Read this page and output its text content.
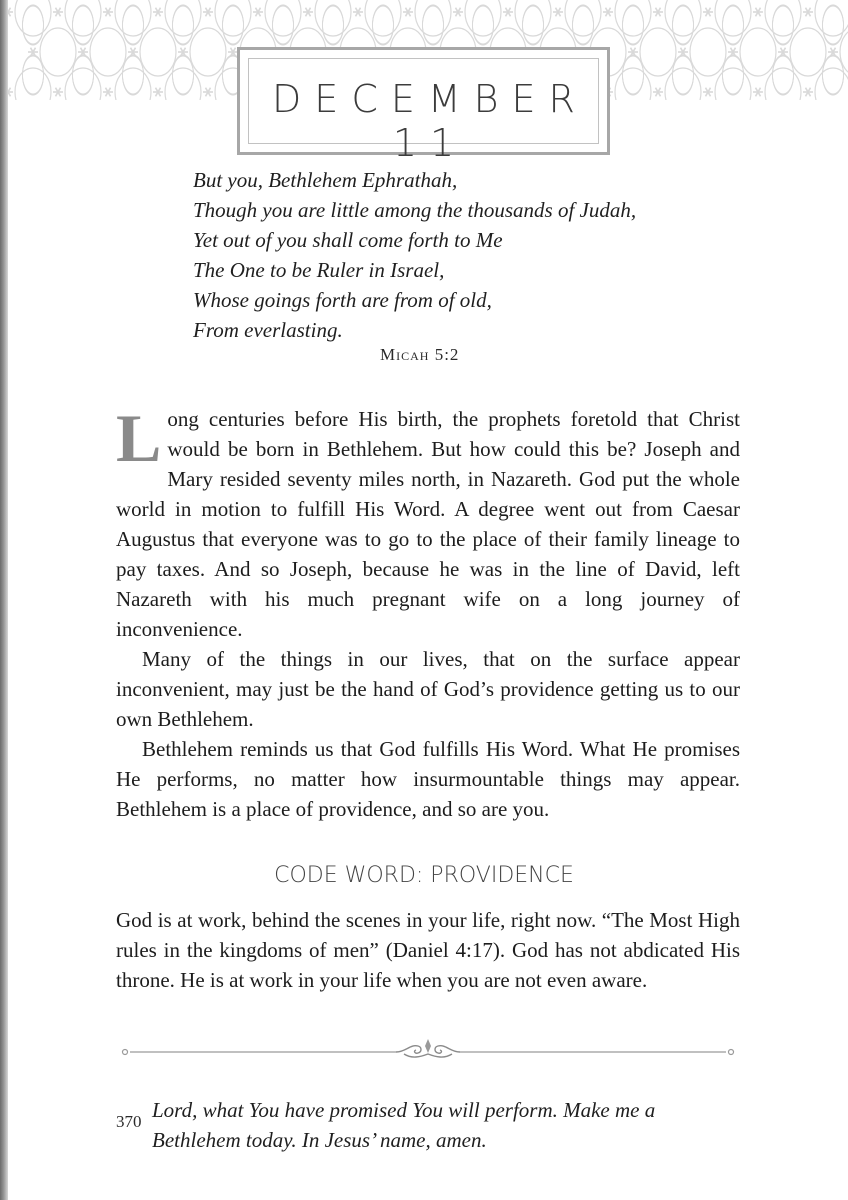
DECEMBER 11
But you, Bethlehem Ephrathah,
Though you are little among the thousands of Judah,
Yet out of you shall come forth to Me
The One to be Ruler in Israel,
Whose goings forth are from of old,
From everlasting.
Micah 5:2

Long centuries before His birth, the prophets foretold that Christ would be born in Bethlehem. But how could this be? Joseph and Mary resided seventy miles north, in Nazareth. God put the whole world in motion to fulfill His Word. A degree went out from Caesar Augustus that everyone was to go to the place of their family lineage to pay taxes. And so Joseph, because he was in the line of David, left Nazareth with his much pregnant wife on a long journey of inconvenience.

Many of the things in our lives, that on the surface appear inconvenient, may just be the hand of God’s providence getting us to our own Bethlehem.

Bethlehem reminds us that God fulfills His Word. What He promises He performs, no matter how insurmountable things may appear. Bethlehem is a place of providence, and so are you.

CODE WORD: PROVIDENCE

God is at work, behind the scenes in your life, right now. “The Most High rules in the kingdoms of men” (Daniel 4:17). God has not abdicated His throne. He is at work in your life when you are not even aware.

370 Lord, what You have promised You will perform. Make me a
Bethlehem today. In Jesus’ name, amen.
